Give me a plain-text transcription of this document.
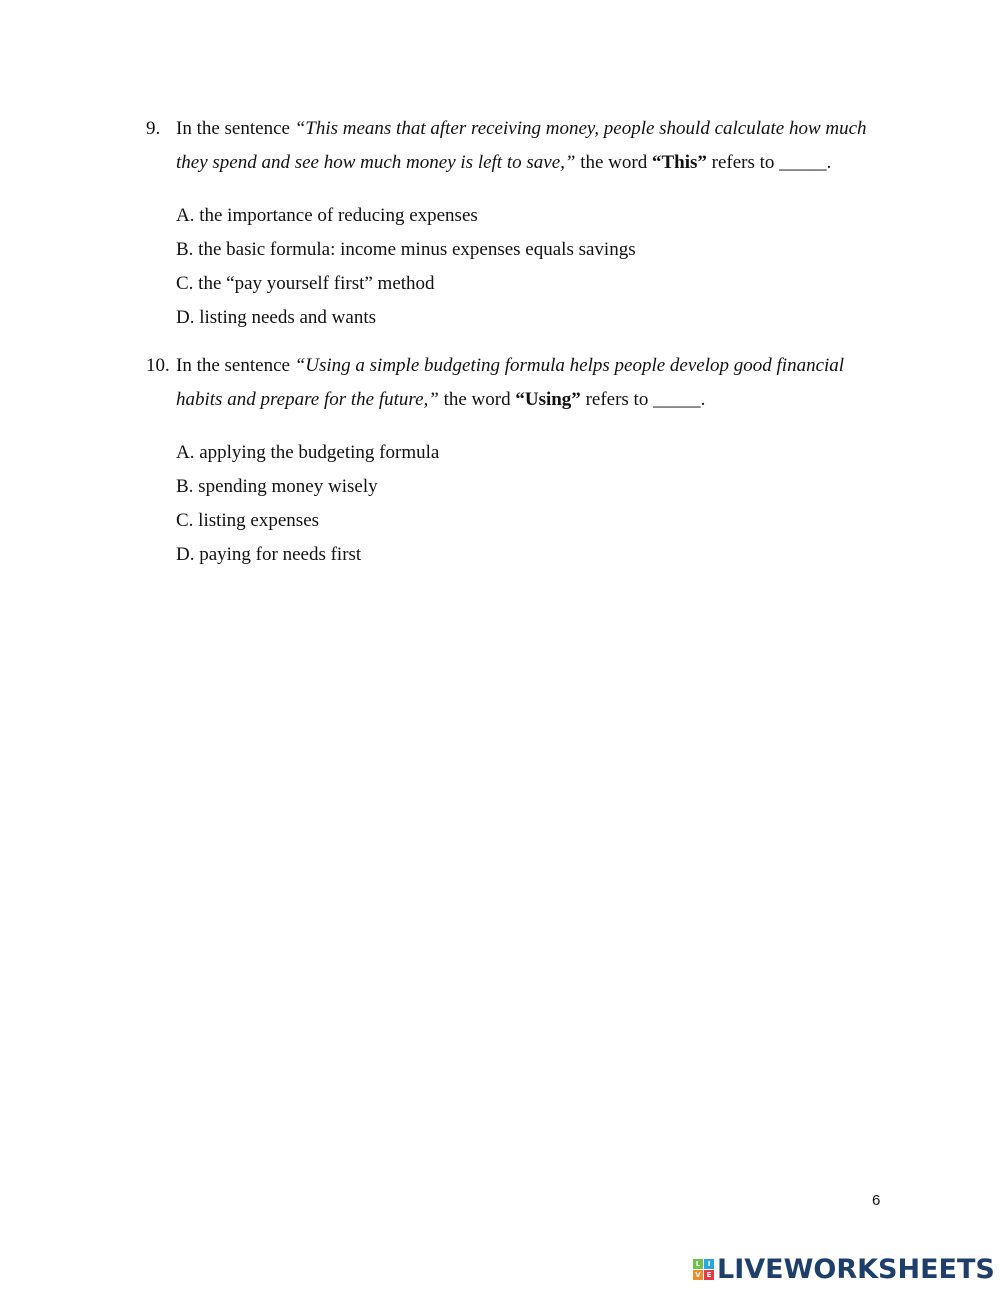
9. In the sentence “This means that after receiving money, people should calculate how much they spend and see how much money is left to save,” the word “This” refers to _____.
A. the importance of reducing expenses
B. the basic formula: income minus expenses equals savings
C. the “pay yourself first” method
D. listing needs and wants
10. In the sentence “Using a simple budgeting formula helps people develop good financial habits and prepare for the future,” the word “Using” refers to _____.
A. applying the budgeting formula
B. spending money wisely
C. listing expenses
D. paying for needs first
6
L	I
V E LIVEWORKSHEETS
